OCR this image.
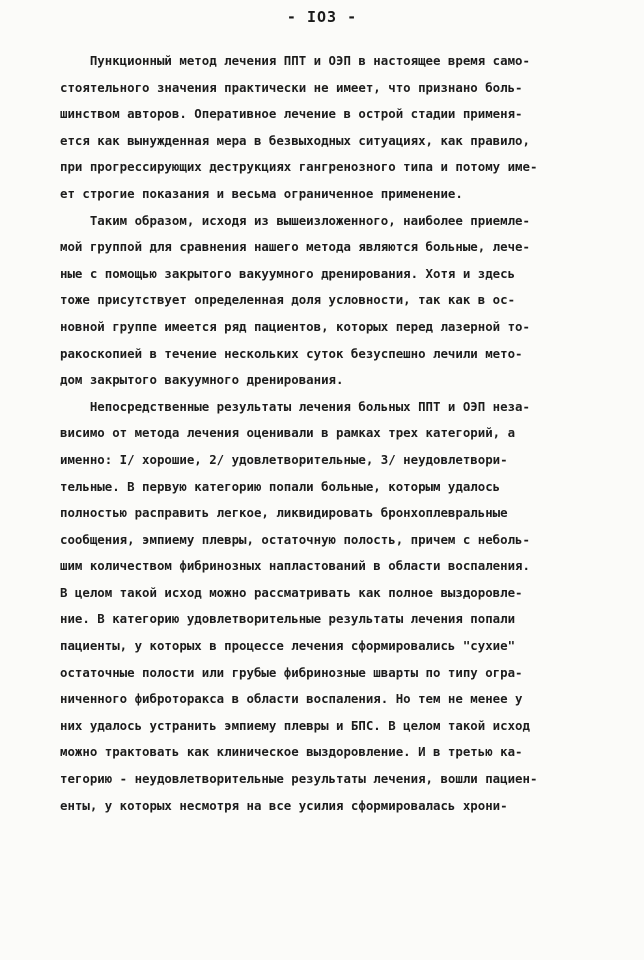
- IO3 -
Пункционный метод лечения ППТ и ОЭП в настоящее время само-
стоятельного значения практически не имеет, что признано боль-
шинством авторов. Оперативное лечение в острой стадии применя-
ется как вынужденная мера в безвыходных ситуациях, как правило,
при прогрессирующих деструкциях гангренозного типа и потому име-
ет строгие показания и весьма ограниченное применение.
Таким образом, исходя из вышеизложенного, наиболее приемле-
мой группой для сравнения нашего метода являются больные, лече-
ные с помощью закрытого вакуумного дренирования. Хотя и здесь
тоже присутствует определенная доля условности, так как в ос-
новной группе имеется ряд пациентов, которых перед лазерной то-
ракоскопией в течение нескольких суток безуспешно лечили мето-
дом закрытого вакуумного дренирования.
Непосредственные результаты лечения больных ППТ и ОЭП неза-
висимо от метода лечения оценивали в рамках трех категорий, а
именно: I/ хорошие, 2/ удовлетворительные, 3/ неудовлетвори-
тельные. В первую категорию попали больные, которым удалось
полностью расправить легкое, ликвидировать бронхоплевральные
сообщения, эмпиему плевры, остаточную полость, причем с неболь-
шим количеством фибринозных напластований в области воспаления.
В целом такой исход можно рассматривать как полное выздоровле-
ние. В категорию удовлетворительные результаты лечения попали
пациенты, у которых в процессе лечения сформировались "сухие"
остаточные полости или грубые фибринозные шварты по типу огра-
ниченного фиброторакса в области воспаления. Но тем не менее у
них удалось устранить эмпиему плевры и БПС. В целом такой исход
можно трактовать как клиническое выздоровление. И в третью ка-
тегорию - неудовлетворительные результаты лечения, вошли пациен-
енты, у которых несмотря на все усилия сформировалась хрони-
